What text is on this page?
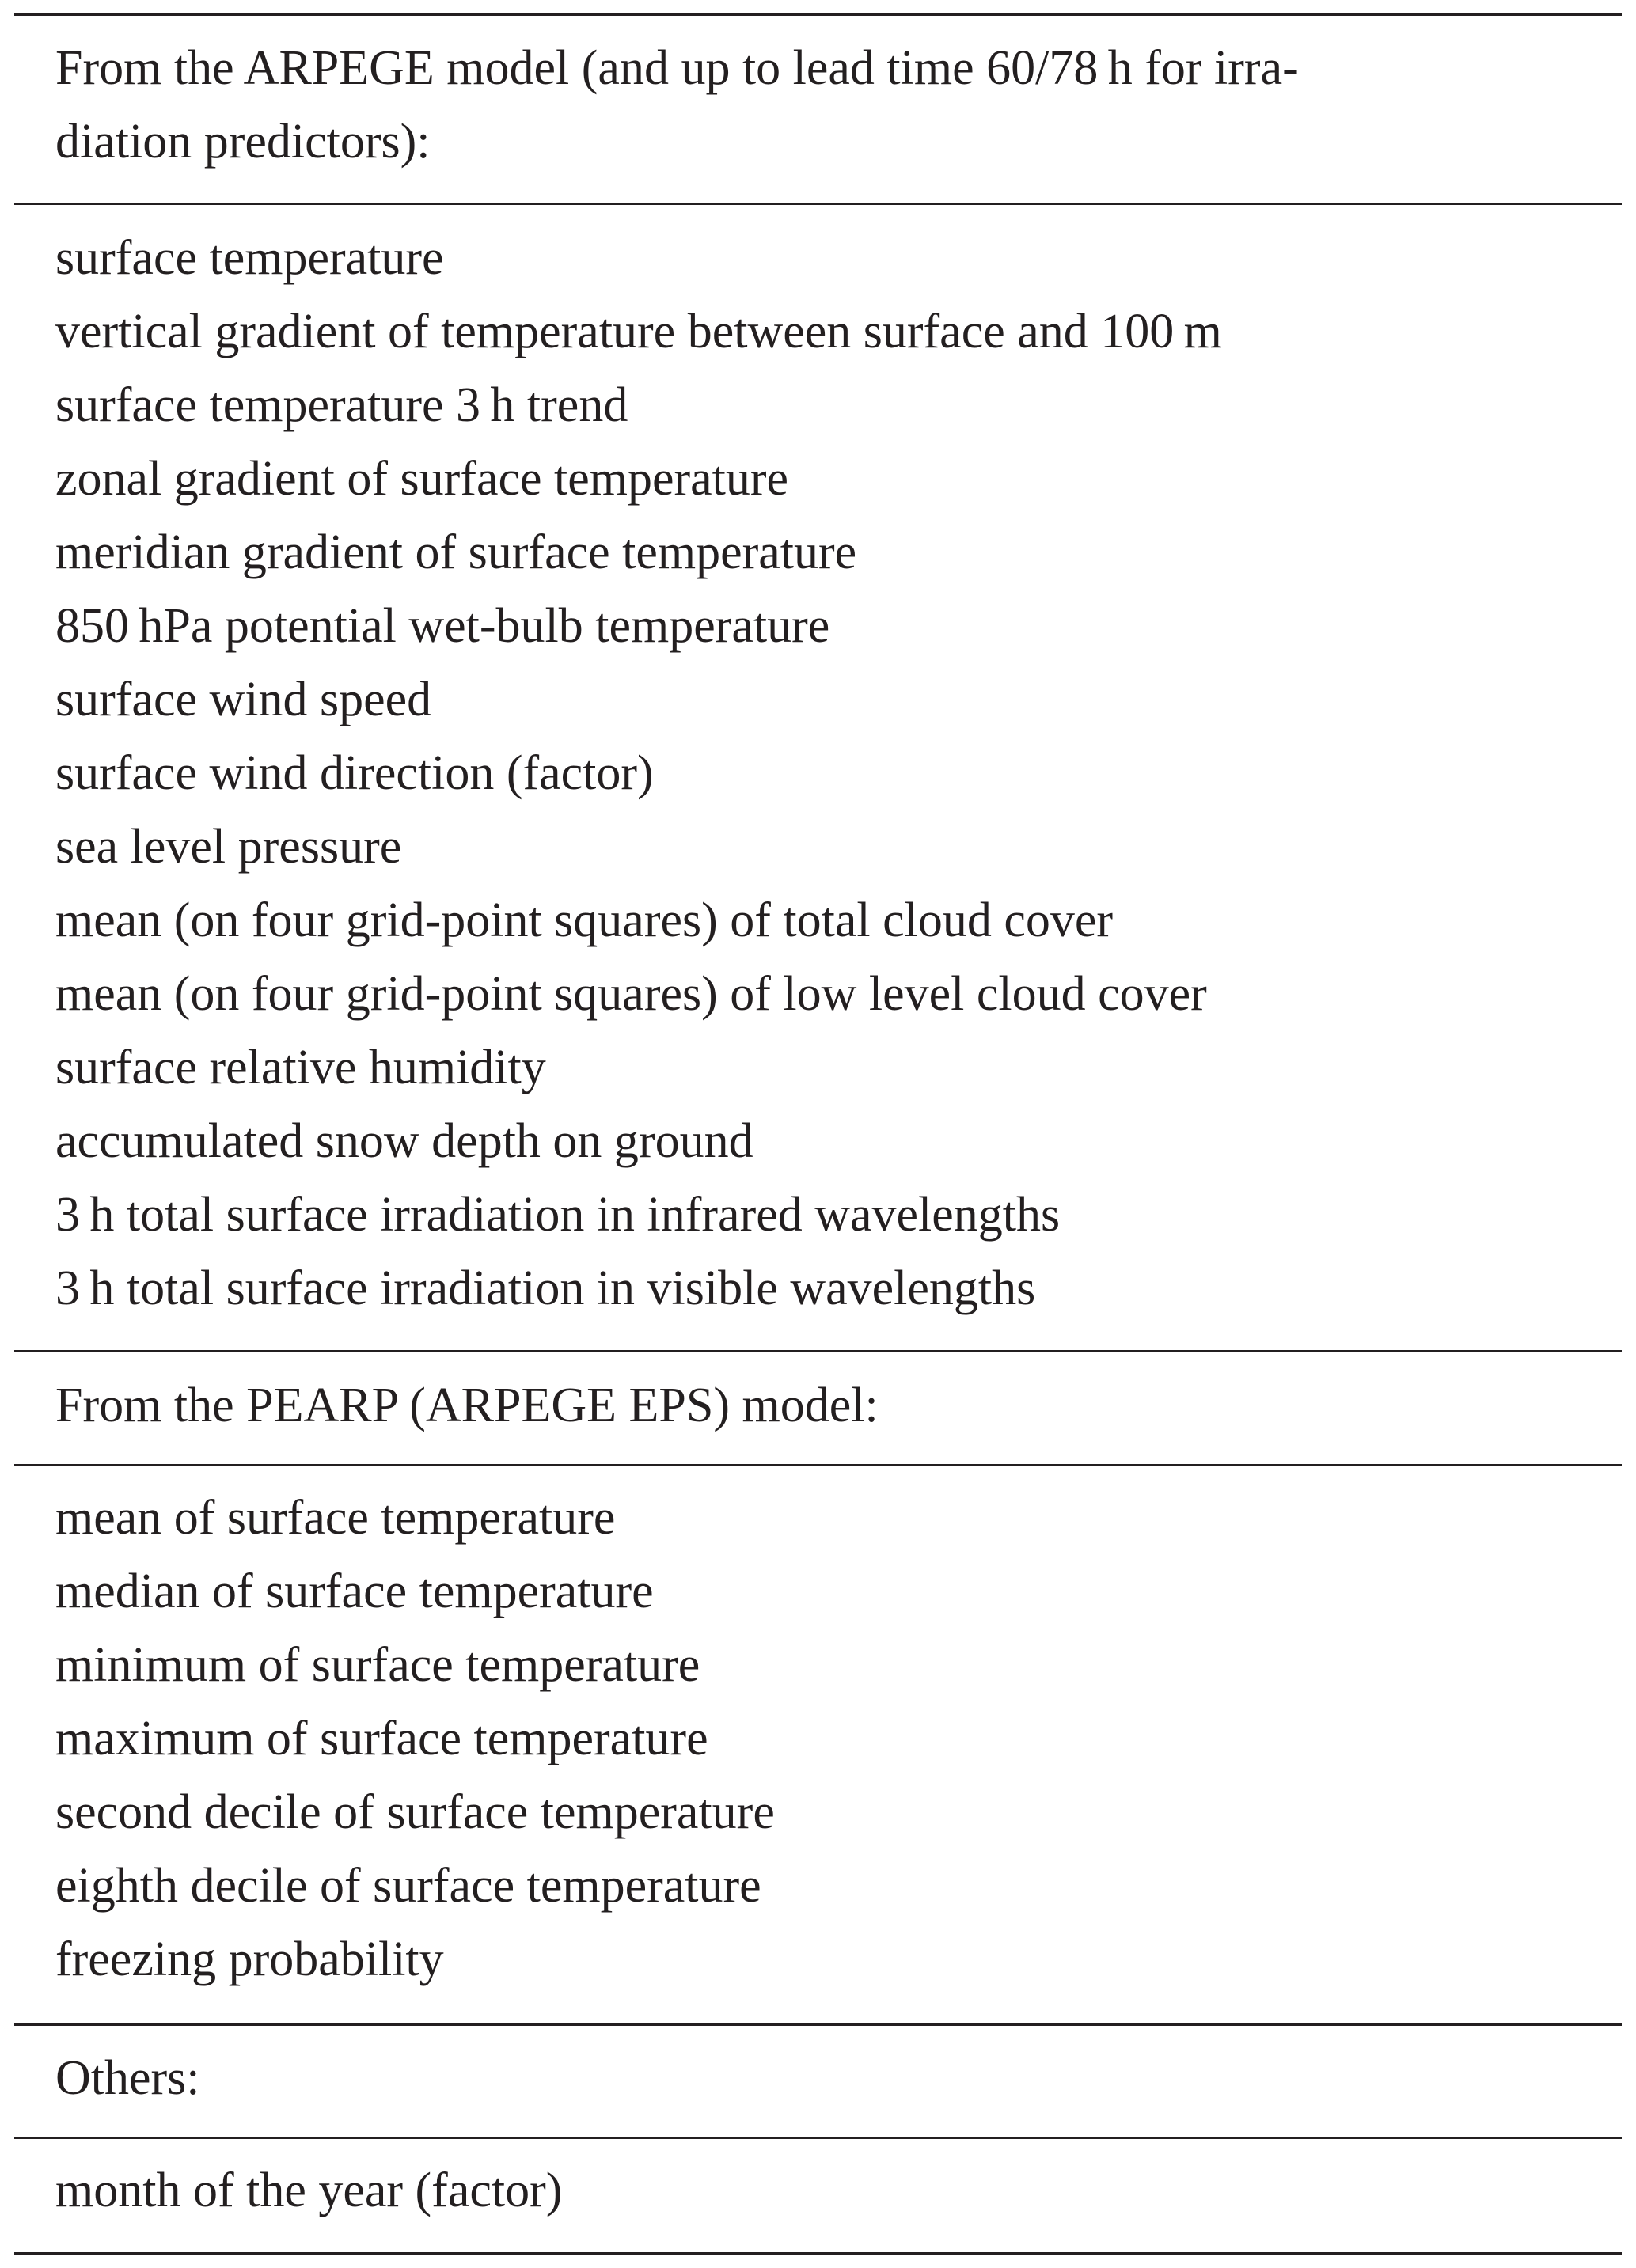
From the ARPEGE model (and up to lead time 60/78 h for irra-
diation predictors):
surface temperature
vertical gradient of temperature between surface and 100 m
surface temperature 3 h trend
zonal gradient of surface temperature
meridian gradient of surface temperature
850 hPa potential wet-bulb temperature
surface wind speed
surface wind direction (factor)
sea level pressure
mean (on four grid-point squares) of total cloud cover
mean (on four grid-point squares) of low level cloud cover
surface relative humidity
accumulated snow depth on ground
3 h total surface irradiation in infrared wavelengths
3 h total surface irradiation in visible wavelengths
From the PEARP (ARPEGE EPS) model:
mean of surface temperature
median of surface temperature
minimum of surface temperature
maximum of surface temperature
second decile of surface temperature
eighth decile of surface temperature
freezing probability
Others:
month of the year (factor)
